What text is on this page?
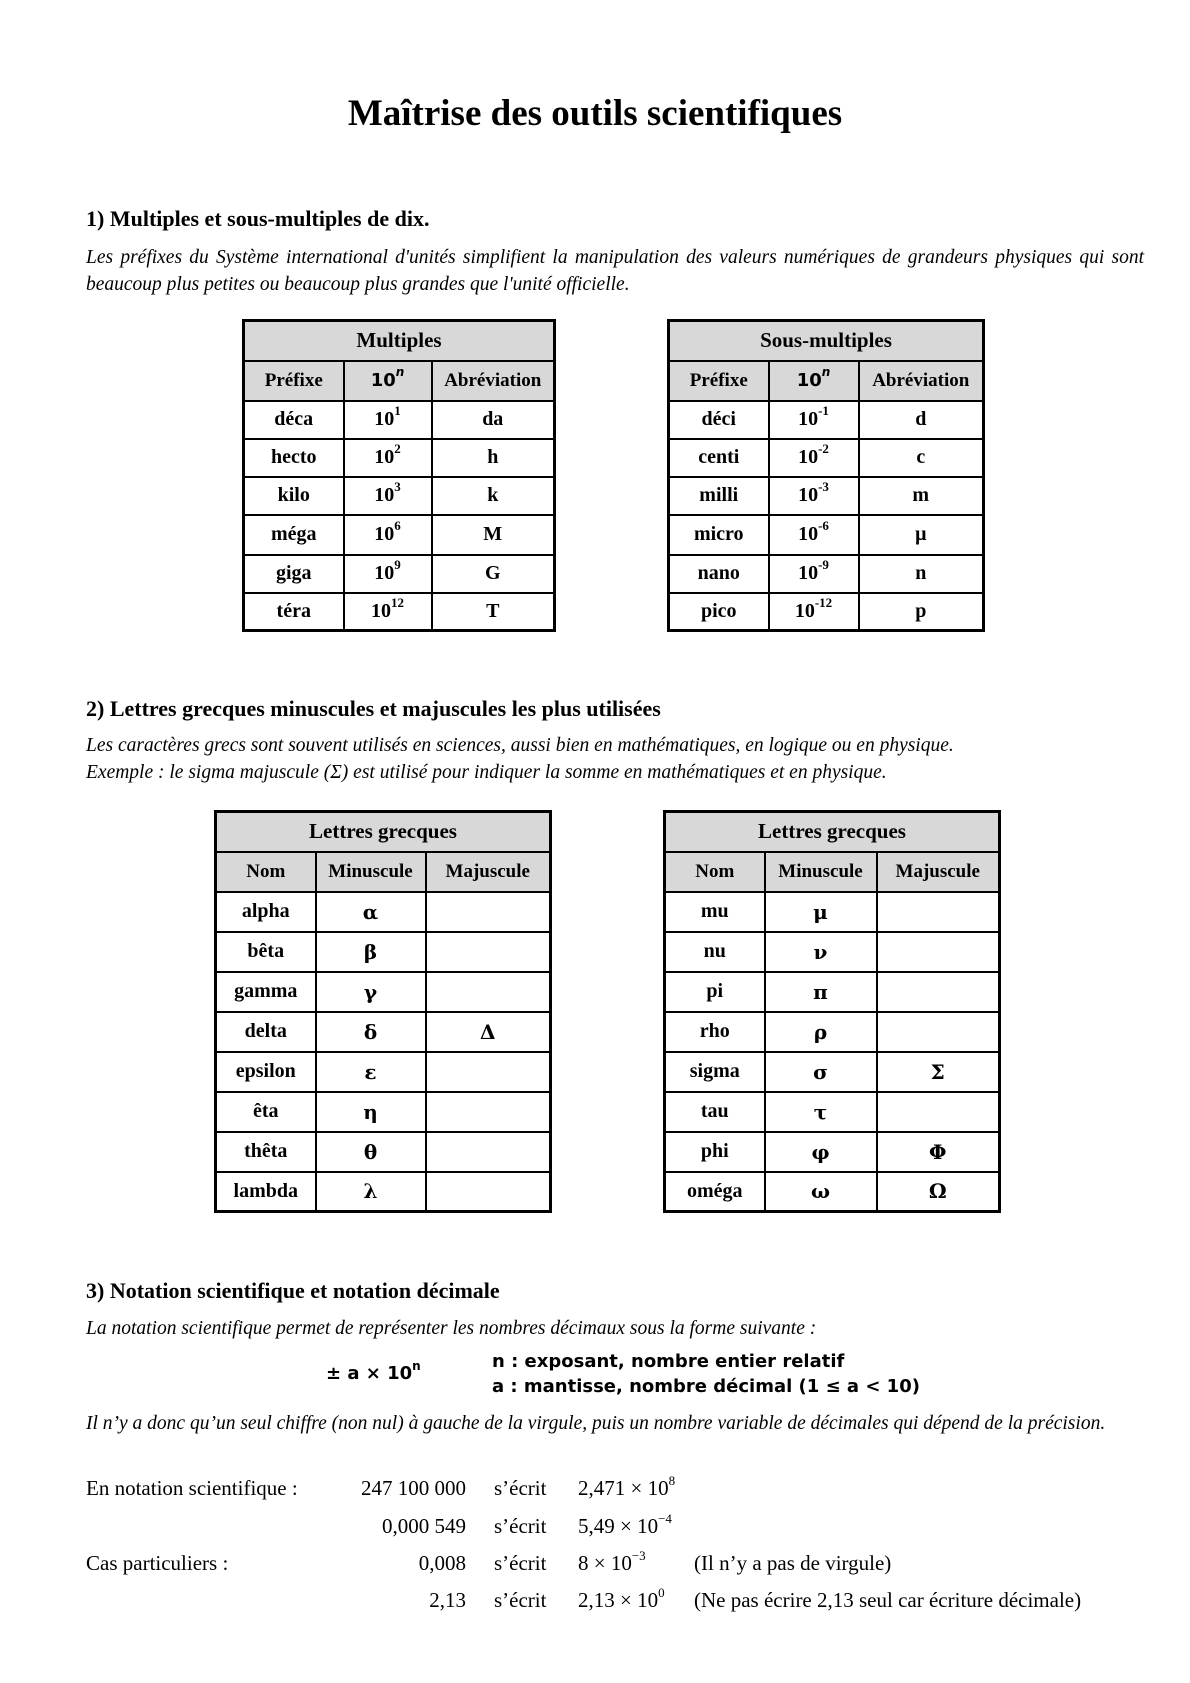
Maîtrise des outils scientifiques
1) Multiples et sous-multiples de dix.

Les préfixes du Système international d'unités simplifient la manipulation des valeurs numériques de grandeurs physiques qui sont beaucoup plus petites ou beaucoup plus grandes que l'unité officielle.

Multiples		
Préfixe	10$^n$	Abréviation
déca	$10^1$	da
hecto	$10^2$	h
kilo	$10^3$	k
méga	$10^6$	M
giga	$10^9$	G
téra	$10^{12}$	T
Sous-multiples		
Préfixe	10$^n$	Abréviation
déci	$10^{-1}$	d
centi	$10^{-2}$	c
milli	$10^{-3}$	m
micro	$10^{-6}$	μ
nano	$10^{-9}$	n
pico	$10^{-12}$	p
2) Lettres grecques minuscules et majuscules les plus utilisées

Les caractères grecs sont souvent utilisés en sciences, aussi bien en mathématiques, en logique ou en physique.

Exemple : le sigma majuscule (Σ) est utilisé pour indiquer la somme en mathématiques et en physique.

Lettres grecques		
Nom	Minuscule	Majuscule
alpha	α	
bêta	β	
gamma	γ	
delta	δ	Δ
epsilon	ε	
êta	η	
thêta	θ	
lambda	λ	
Lettres grecques		
Nom	Minuscule	Majuscule
mu	μ	
nu	ν	
pi	π	
rho	ρ	
sigma	σ	Σ
tau	τ	
phi	φ	Φ
oméga	ω	Ω
3) Notation scientifique et notation décimale

La notation scientifique permet de représenter les nombres décimaux sous la forme suivante :

± $a \times 10^n$	n : exposant, nombre entier relatif
a : mantisse, nombre décimal (1 ≤ a < 10)

Il n’y a donc qu’un seul chiffre (non nul) à gauche de la virgule, puis un nombre variable de décimales qui dépend de la précision.

En notation scientifique :	247 100 000 s’écrit $2,471 \times 10^8$
0,000 549 s’écrit $5,49 \times 10^{-4}$
Cas particuliers :	0,008 s’écrit $8 \times 10^{-3}$ (Il n’y a pas de virgule)
2,13 s’écrit $2,13 \times 10^0$ (Ne pas écrire 2,13 seul car écriture décimale)
